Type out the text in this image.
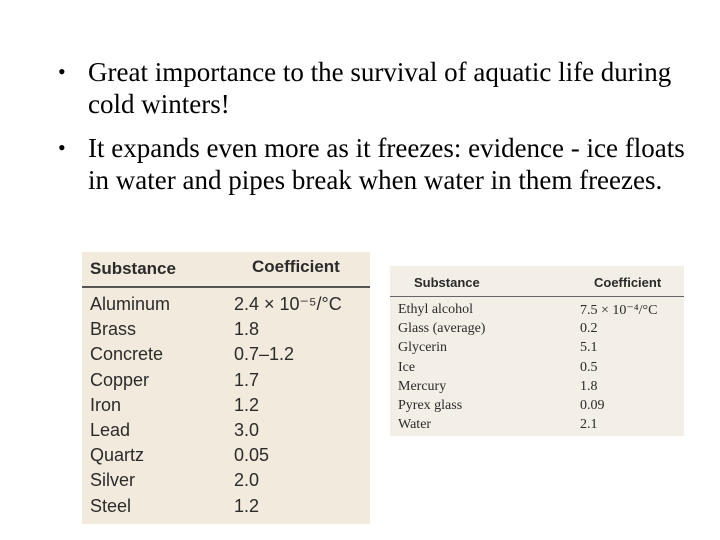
• Great importance to the survival of aquatic life during cold winters!
• It expands even more as it freezes: evidence - ice floats in water and pipes break when water in them freezes.
Substance	Coefficient
Aluminum	2.4 × 10⁻⁵/°C
Brass	1.8
Concrete	0.7–1.2
Copper	1.7
Iron	1.2
Lead	3.0
Quartz	0.05
Silver	2.0
Steel	1.2
Substance	Coefficient
Ethyl alcohol	7.5 × 10⁻⁴/°C
Glass (average)	0.2
Glycerin	5.1
Ice	0.5
Mercury	1.8
Pyrex glass	0.09
Water	2.1
